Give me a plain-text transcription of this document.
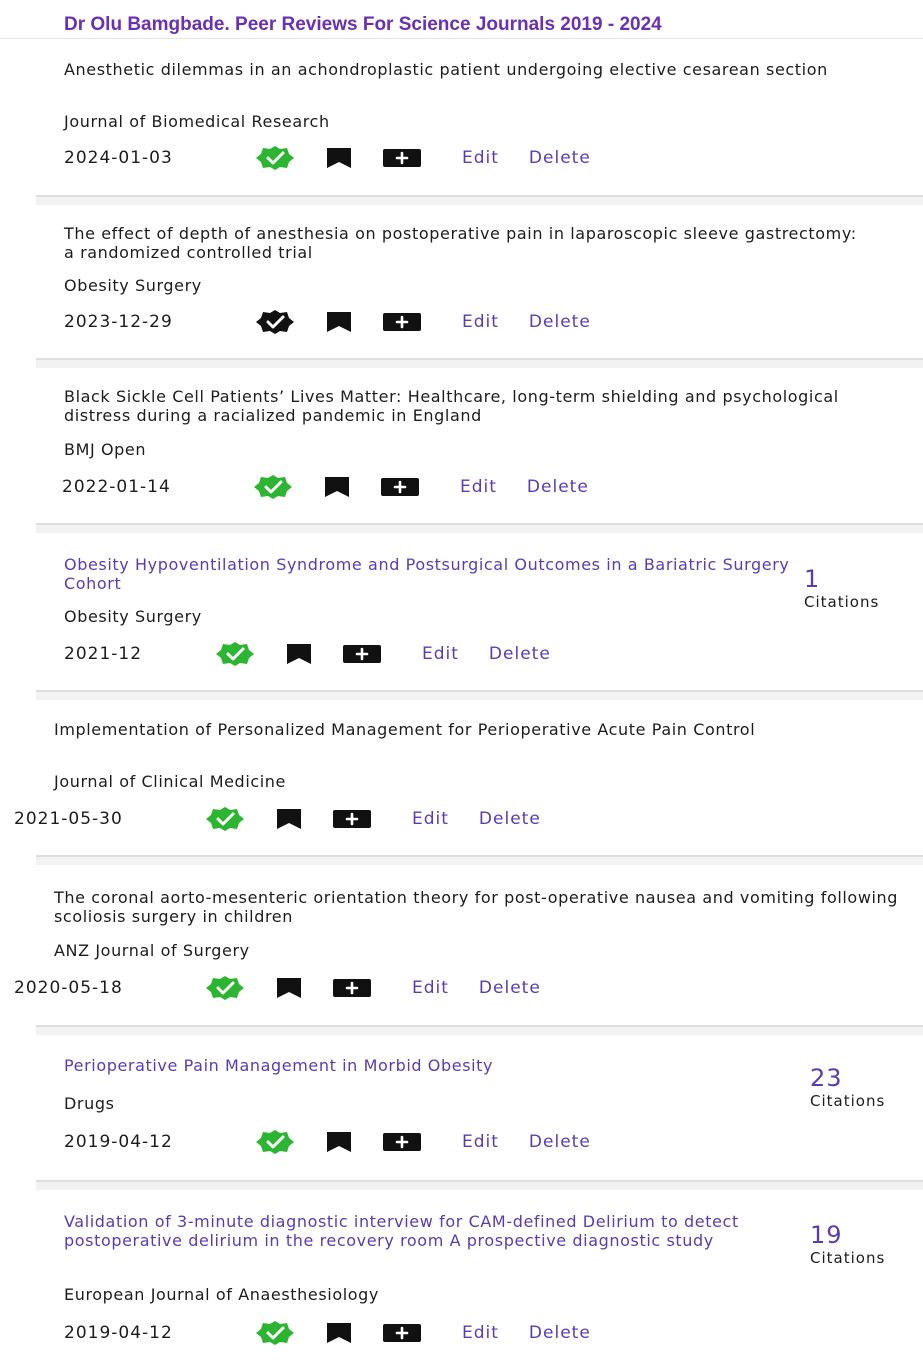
Dr Olu Bamgbade. Peer Reviews For Science Journals 2019 - 2024
Anesthetic dilemmas in an achondroplastic patient undergoing elective cesarean section
Journal of Biomedical Research
2024-01-03	Edit Delete
The effect of depth of anesthesia on postoperative pain in laparoscopic sleeve gastrectomy: a randomized controlled trial
Obesity Surgery
2023-12-29	Edit Delete
Black Sickle Cell Patients’ Lives Matter: Healthcare, long-term shielding and psychological distress during a racialized pandemic in England
BMJ Open
2022-01-14	Edit Delete
Obesity Hypoventilation Syndrome and Postsurgical Outcomes in a Bariatric Surgery Cohort
Obesity Surgery
2021-12	Edit Delete
1
Citations
Implementation of Personalized Management for Perioperative Acute Pain Control
Journal of Clinical Medicine
2021-05-30	Edit Delete
The coronal aorto-mesenteric orientation theory for post-operative nausea and vomiting following scoliosis surgery in children
ANZ Journal of Surgery
2020-05-18	Edit Delete
Perioperative Pain Management in Morbid Obesity
Drugs
2019-04-12	Edit Delete
23
Citations
Validation of 3-minute diagnostic interview for CAM-defined Delirium to detect postoperative delirium in the recovery room A prospective diagnostic study
European Journal of Anaesthesiology
2019-04-12	Edit Delete
19
Citations
